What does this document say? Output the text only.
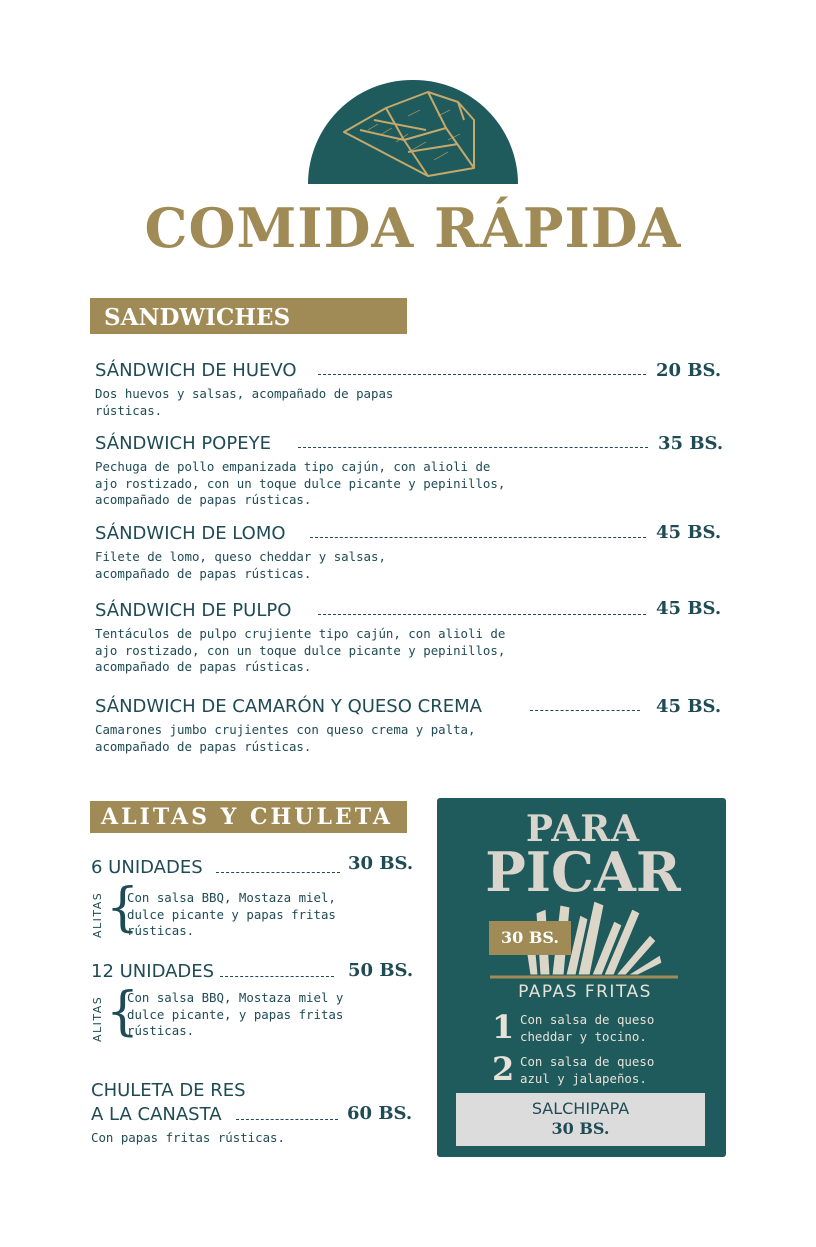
COMIDA RÁPIDA
SANDWICHES
SÁNDWICH DE HUEVO	20 BS.
Dos huevos y salsas, acompañado de papas
rústicas.
SÁNDWICH POPEYE	35 BS.
Pechuga de pollo empanizada tipo cajún, con alioli de
ajo rostizado, con un toque dulce picante y pepinillos,
acompañado de papas rústicas.
SÁNDWICH DE LOMO	45 BS.
Filete de lomo, queso cheddar y salsas,
acompañado de papas rústicas.
SÁNDWICH DE PULPO	45 BS.
Tentáculos de pulpo crujiente tipo cajún, con alioli de
ajo rostizado, con un toque dulce picante y pepinillos,
acompañado de papas rústicas.
SÁNDWICH DE CAMARÓN Y QUESO CREMA	45 BS.
Camarones jumbo crujientes con queso crema y palta,
acompañado de papas rústicas.
ALITAS Y CHULETA
6 UNIDADES	30 BS.
ALITAS {
Con salsa BBQ, Mostaza miel,
dulce picante y papas fritas
rústicas.
12 UNIDADES	50 BS.
ALITAS {
Con salsa BBQ, Mostaza miel y
dulce picante, y papas fritas
rústicas.
CHULETA DE RES
A LA CANASTA	60 BS.
Con papas fritas rústicas.
PARA
PICAR
30 BS.
PAPAS FRITAS
1 Con salsa de queso
cheddar y tocino.
2 Con salsa de queso
azul y jalapeños.
SALCHIPAPA
30 BS.
